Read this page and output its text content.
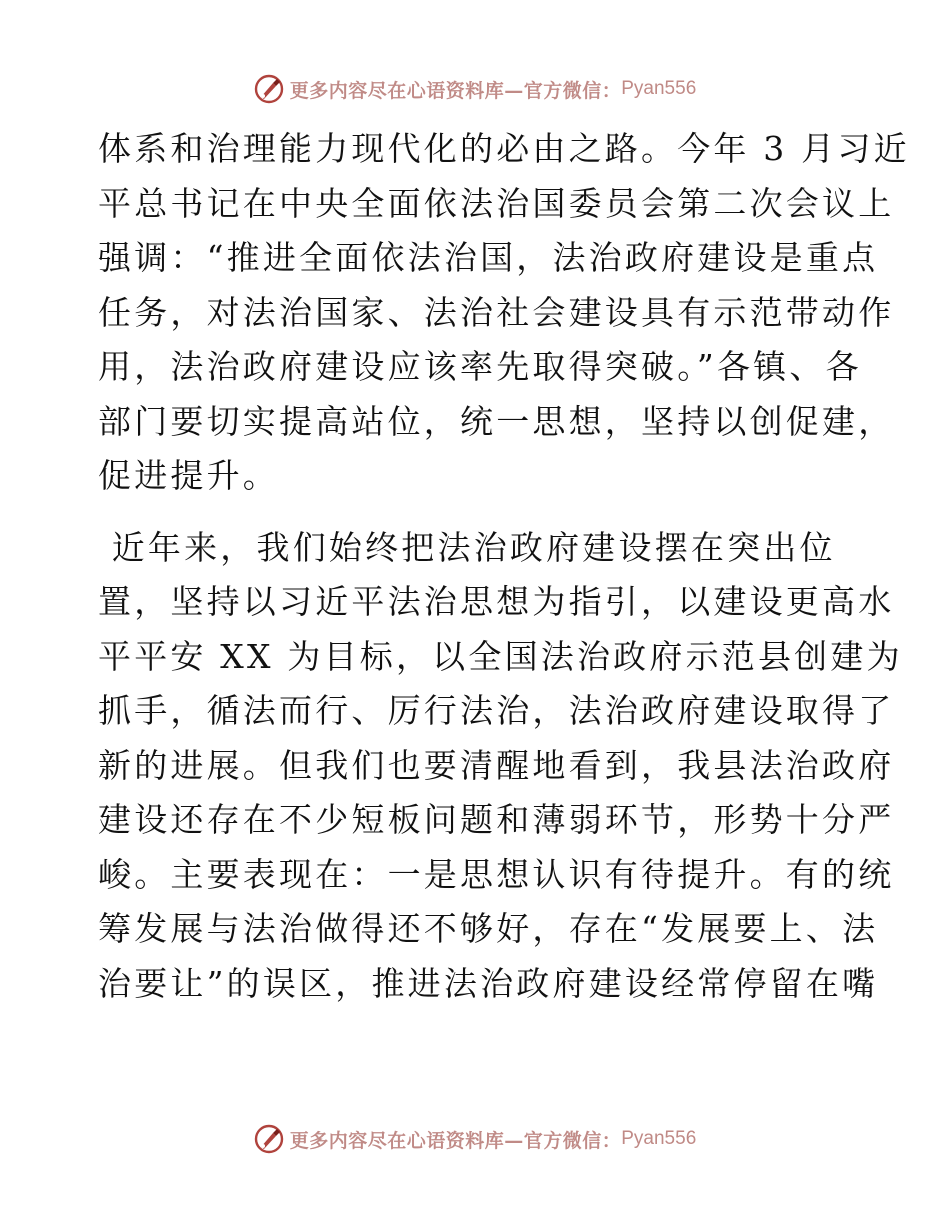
更多内容尽在心语资料库—官方微信： Pyan556
体系和治理能力现代化的必由之路。今年 3 月习近
平总书记在中央全面依法治国委员会第二次会议上
强调：“推进全面依法治国，法治政府建设是重点
任务，对法治国家、法治社会建设具有示范带动作
用，法治政府建设应该率先取得突破。”各镇、各
部门要切实提高站位，统一思想，坚持以创促建，
促进提升。
近年来，我们始终把法治政府建设摆在突出位
置，坚持以习近平法治思想为指引，以建设更高水
平平安 XX 为目标，以全国法治政府示范县创建为
抓手，循法而行、厉行法治，法治政府建设取得了
新的进展。但我们也要清醒地看到，我县法治政府
建设还存在不少短板问题和薄弱环节，形势十分严
峻。主要表现在：一是思想认识有待提升。有的统
筹发展与法治做得还不够好，存在“发展要上、法
治要让”的误区，推进法治政府建设经常停留在嘴
更多内容尽在心语资料库—官方微信： Pyan556
